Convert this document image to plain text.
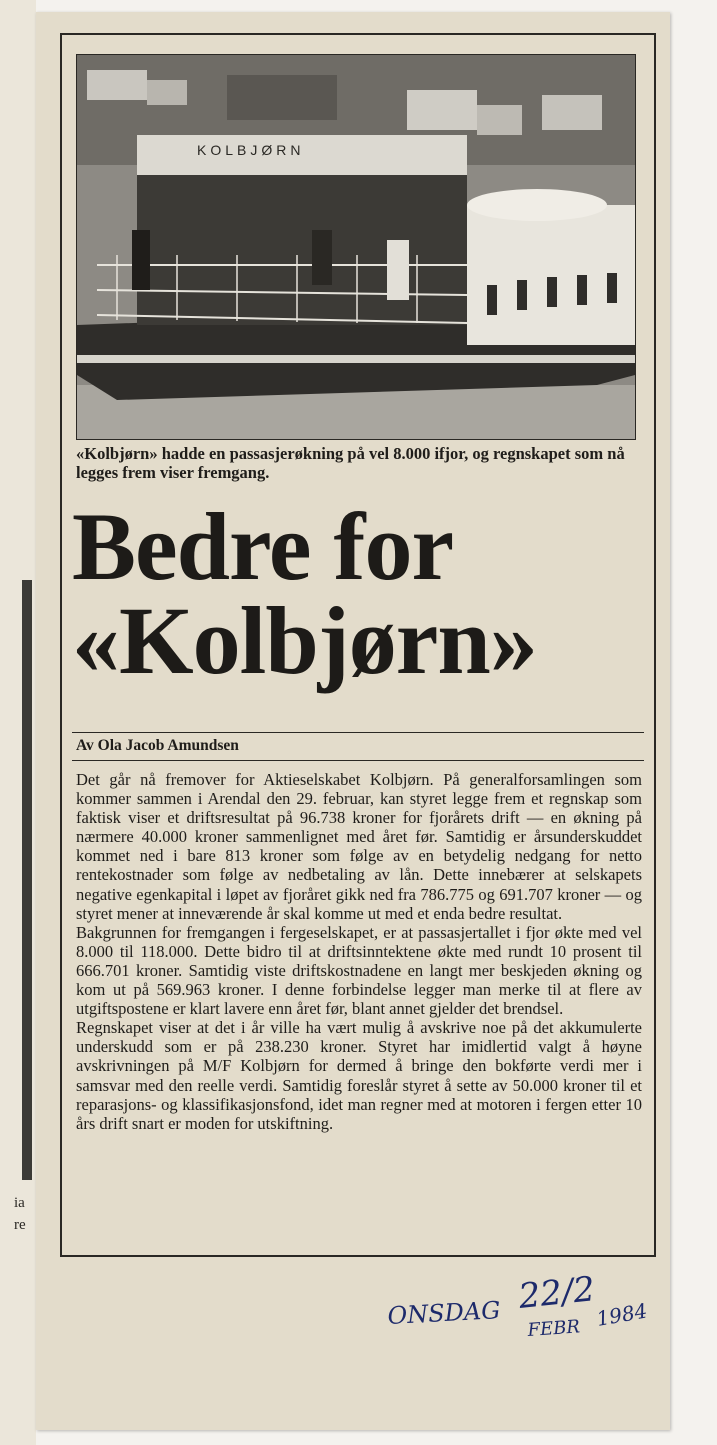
ia
re
KOLBJØRN
«Kolbjørn» hadde en passasjerøkning på vel 8.000 ifjor, og regnskapet som nå legges frem viser fremgang.
Bedre for
«Kolbjørn»
Av Ola Jacob Amundsen

Det går nå fremover for Aktieselskabet Kolbjørn. På generalforsamlingen som kommer sammen i Arendal den 29. februar, kan styret legge frem et regnskap som faktisk viser et driftsresultat på 96.738 kroner for fjorårets drift — en økning på nærmere 40.000 kroner sammenlignet med året før. Samtidig er årsunderskuddet kommet ned i bare 813 kroner som følge av en betydelig nedgang for netto rentekostnader som følge av nedbetaling av lån. Dette innebærer at selskapets negative egenkapital i løpet av fjoråret gikk ned fra 786.775 og 691.707 kroner — og styret mener at inneværende år skal komme ut med et enda bedre resultat.

Bakgrunnen for fremgangen i fergeselskapet, er at passasjertallet i fjor økte med vel 8.000 til 118.000. Dette bidro til at driftsinntektene økte med rundt 10 prosent til 666.701 kroner. Samtidig viste driftskostnadene en langt mer beskjeden økning og kom ut på 569.963 kroner. I denne forbindelse legger man merke til at flere av utgiftspostene er klart lavere enn året før, blant annet gjelder det brendsel.

Regnskapet viser at det i år ville ha vært mulig å avskrive noe på det akkumulerte underskudd som er på 238.230 kroner. Styret har imidlertid valgt å høyne avskrivningen på M/F Kolbjørn for dermed å bringe den bokførte verdi mer i samsvar med den reelle verdi. Samtidig foreslår styret å sette av 50.000 kroner til et reparasjons- og klassifikasjonsfond, idet man regner med at motoren i fergen etter 10 års drift snart er moden for utskiftning.

ONSDAG 22/2
FEBR 1984
